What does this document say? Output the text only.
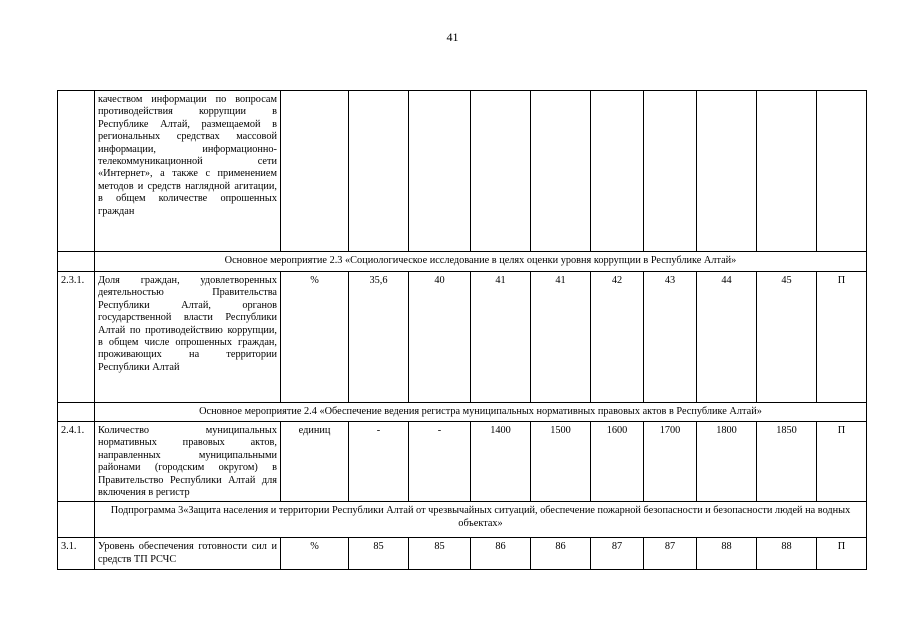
41
	качеством информации по вопросам противодействия коррупции в Республике Алтай, размещаемой в региональных средствах массовой информации, информационно-телекоммуникационной сети «Интернет», а также с применением методов и средств наглядной агитации, в общем количестве опрошенных граждан										
	Основное мероприятие 2.3 «Социологическое исследование в целях оценки уровня коррупции в Республике Алтай»										
2.3.1.	Доля граждан, удовлетворенных деятельностью Правительства Республики Алтай, органов государственной власти Республики Алтай по противодействию коррупции, в общем числе опрошенных граждан, проживающих на территории Республики Алтай	%	35,6	40	41	41	42	43	44	45	П
	Основное мероприятие 2.4 «Обеспечение ведения регистра муниципальных нормативных правовых актов в Республике Алтай»										
2.4.1.	Количество муниципальных нормативных правовых актов, направленных муниципальными районами (городским округом) в Правительство Республики Алтай для включения в регистр	единиц	-	-	1400	1500	1600	1700	1800	1850	П
	Подпрограмма 3«Защита населения и территории Республики Алтай от чрезвычайных ситуаций, обеспечение пожарной безопасности и безопасности людей на водных объектах»										
3.1.	Уровень обеспечения готовности сил и средств ТП РСЧС	%	85	85	86	86	87	87	88	88	П
